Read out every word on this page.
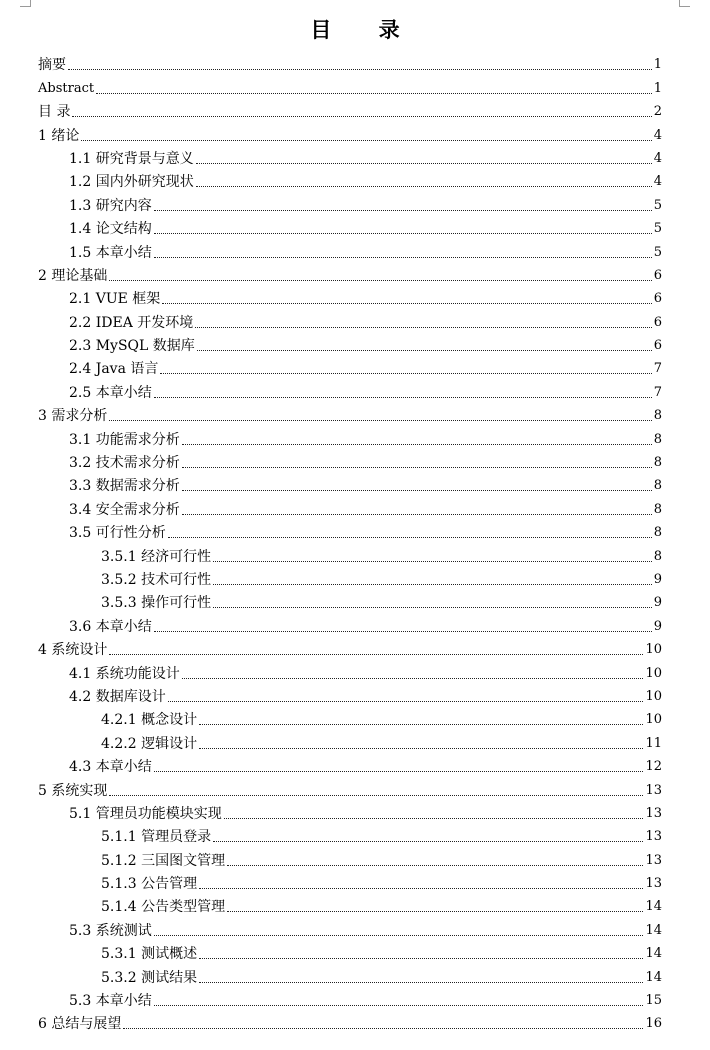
目 录
摘要	1
Abstract	1
目 录	2
1 绪论	4
1.1 研究背景与意义	4
1.2 国内外研究现状	4
1.3 研究内容	5
1.4 论文结构	5
1.5 本章小结	5
2 理论基础	6
2.1 VUE 框架	6
2.2 IDEA 开发环境	6
2.3 MySQL 数据库	6
2.4 Java 语言	7
2.5 本章小结	7
3 需求分析	8
3.1 功能需求分析	8
3.2 技术需求分析	8
3.3 数据需求分析	8
3.4 安全需求分析	8
3.5 可行性分析	8
3.5.1 经济可行性	8
3.5.2 技术可行性	9
3.5.3 操作可行性	9
3.6 本章小结	9
4 系统设计	10
4.1 系统功能设计	10
4.2 数据库设计	10
4.2.1 概念设计	10
4.2.2 逻辑设计	11
4.3 本章小结	12
5 系统实现	13
5.1 管理员功能模块实现	13
5.1.1 管理员登录	13
5.1.2 三国图文管理	13
5.1.3 公告管理	13
5.1.4 公告类型管理	14
5.3 系统测试	14
5.3.1 测试概述	14
5.3.2 测试结果	14
5.3 本章小结	15
6 总结与展望	16
